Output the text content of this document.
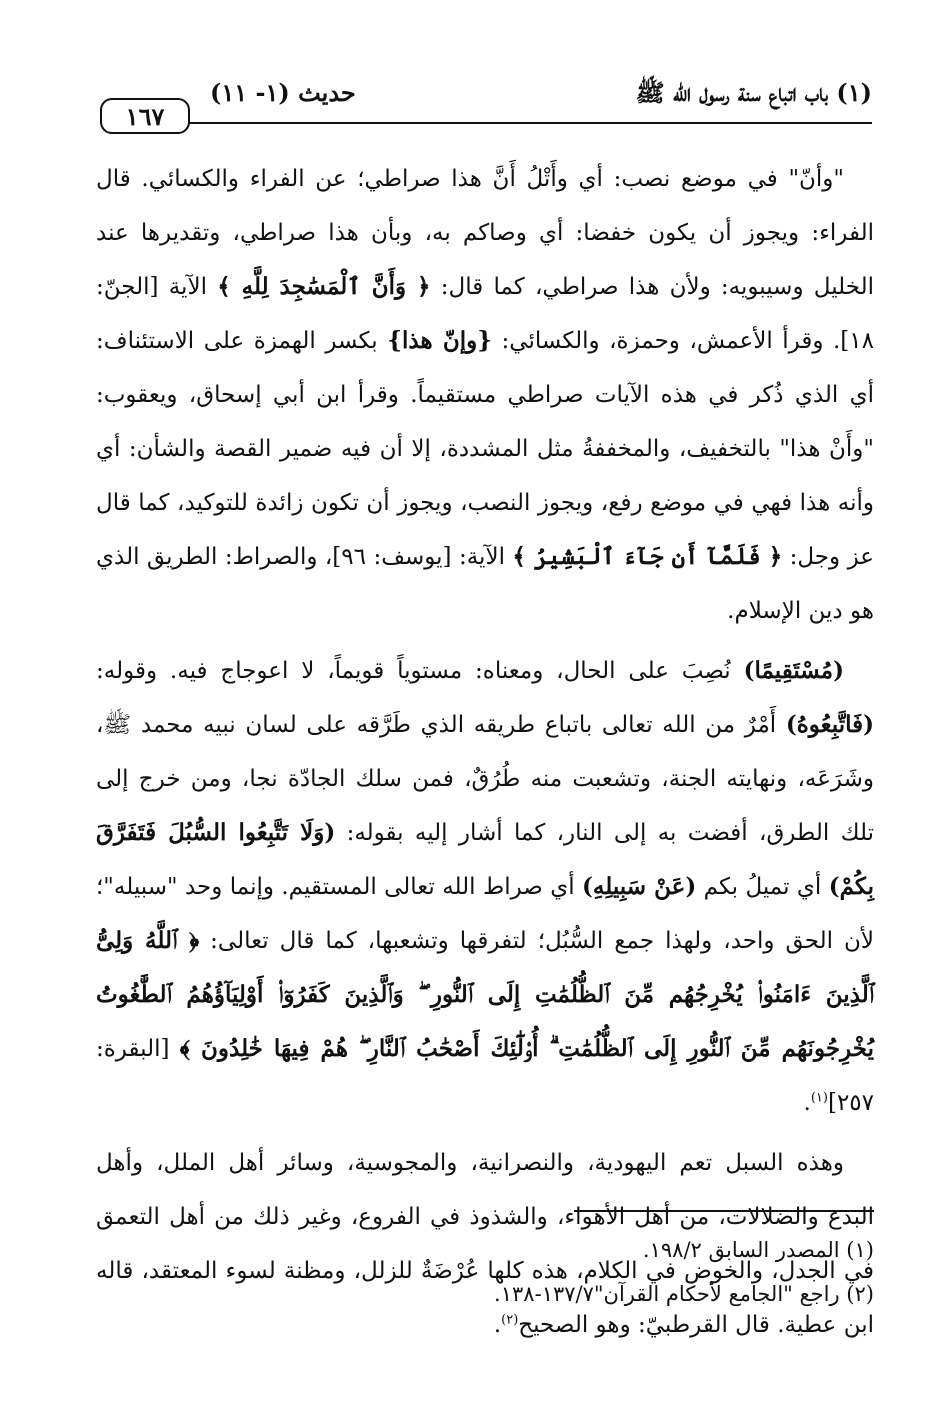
(١) باب اتباع سنة رسول الله ﷺ
حديث (١- ١١)
١٦٧

"وأنّ" في موضع نصب: أي وأَتْلُ أَنَّ هذا صراطي؛ عن الفراء والكسائي. قال الفراء: ويجوز أن يكون خفضا: أي وصاكم به، وبأن هذا صراطي، وتقديرها عند الخليل وسيبويه: ولأن هذا صراطي، كما قال: ﴿ وَأَنَّ ٱلْمَسَٰجِدَ لِلَّهِ ﴾ الآية [الجنّ: ١٨]. وقرأ الأعمش، وحمزة، والكسائي: {وإنّ هذا} بكسر الهمزة على الاستئناف: أي الذي ذُكر في هذه الآيات صراطي مستقيماً. وقرأ ابن أبي إسحاق، ويعقوب: "وأَنْ هذا" بالتخفيف، والمخففةُ مثل المشددة، إلا أن فيه ضمير القصة والشأن: أي وأنه هذا فهي في موضع رفع، ويجوز النصب، ويجوز أن تكون زائدة للتوكيد، كما قال عز وجل: ﴿ فَلَمَّآ أَن جَآءَ ٱلْبَشِيرُ ﴾ الآية: [يوسف: ٩٦]، والصراط: الطريق الذي هو دين الإسلام.

(مُسْتَقِيمًا) نُصِبَ على الحال، ومعناه: مستوياً قويماً، لا اعوجاج فيه. وقوله: (فَاتَّبِعُوهُ) أَمْرٌ من الله تعالى باتباع طريقه الذي طَرَّقه على لسان نبيه محمد ﷺ، وشَرَعَه، ونهايته الجنة، وتشعبت منه طُرُقٌ، فمن سلك الجادّة نجا، ومن خرج إلى تلك الطرق، أفضت به إلى النار، كما أشار إليه بقوله: (وَلَا تَتَّبِعُوا السُّبُلَ فَتَفَرَّقَ بِكُمْ) أي تميلُ بكم (عَنْ سَبِيلِهِ) أي صراط الله تعالى المستقيم. وإنما وحد "سبيله"؛ لأن الحق واحد، ولهذا جمع السُّبُل؛ لتفرقها وتشعبها، كما قال تعالى: ﴿ ٱللَّهُ وَلِىُّ ٱلَّذِينَ ءَامَنُوا۟ يُخْرِجُهُم مِّنَ ٱلظُّلُمَٰتِ إِلَى ٱلنُّورِ ۖ وَٱلَّذِينَ كَفَرُوٓا۟ أَوْلِيَآؤُهُمُ ٱلطَّٰغُوتُ يُخْرِجُونَهُم مِّنَ ٱلنُّورِ إِلَى ٱلظُّلُمَٰتِ ۗ أُو۟لَٰٓئِكَ أَصْحَٰبُ ٱلنَّارِ ۖ هُمْ فِيهَا خَٰلِدُونَ ﴾ [البقرة: ٢٥٧]$^{(١)}$.

وهذه السبل تعم اليهودية، والنصرانية، والمجوسية، وسائر أهل الملل، وأهل البدع والضلالات، من أهل الأهواء، والشذوذ في الفروع، وغير ذلك من أهل التعمق في الجدل، والخوض في الكلام، هذه كلها عُرْضَةٌ للزلل، ومظنة لسوء المعتقد، قاله ابن عطية. قال القرطبيّ: وهو الصحيح$^{(٢)}$.

(١) المصدر السابق ١٩٨/٢.

(٢) راجع "الجامع لأحكام القرآن"١٣٧/٧-١٣٨.
